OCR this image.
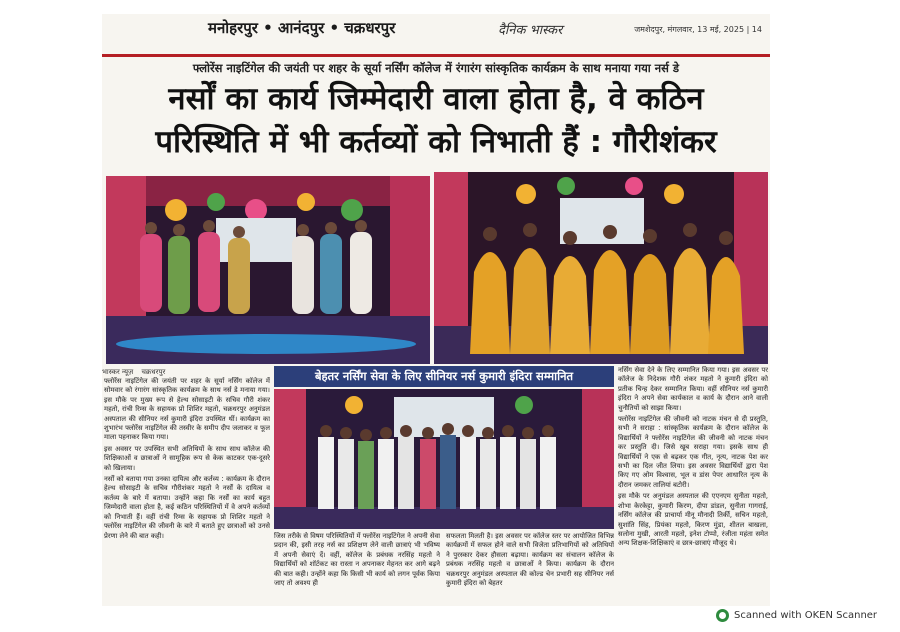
मनोहरपुर • आनंदपुर • चक्रधरपुर	दैनिक भास्कर	जमशेदपुर, मंगलवार, 13 मई, 2025 | 14
फ्लोरेंस नाइटिंगेल की जयंती पर शहर के सूर्या नर्सिंग कॉलेज में रंगारंग सांस्कृतिक कार्यक्रम के साथ मनाया गया नर्स डे
नर्सों का कार्य जिम्मेदारी वाला होता है, वे कठिन
परिस्थिति में भी कर्तव्यों को निभाती हैं : गौरीशंकर
भास्कर न्यूज़ चक्रधरपुर	बेहतर नर्सिंग सेवा के लिए सीनियर नर्स कुमारी इंदिरा सम्मानित

फ्लोरेंस नाइटिंगेल की जयंती पर शहर के सूर्या नर्सिंग कॉलेज में सोमवार को रंगारंग सांस्कृतिक कार्यक्रम के साथ नर्स डे मनाया गया। इस मौके पर मुख्य रूप से हेल्थ सोसाइटी के सचिव गौरी शंकर महतो, रांची रिम्स के सहायक प्रो शिशिर महतो, चक्रधरपुर अनुमंडल अस्पताल की सीनियर नर्स कुमारी इंदिरा उपस्थित थीं। कार्यक्रम का शुभारंभ फ्लोरेंस नाइटिंगेल की तस्वीर के समीप दीप जलाकर व फूल माला पहनाकर किया गया।

इस अवसर पर उपस्थित सभी अतिथियों के साथ साथ कॉलेज की शिक्षिकाओं व छात्राओं ने सामूहिक रूप से केक काटकर एक-दूसरे को खिलाया।

नर्सों को बताया गया उनका दायित्व और कर्तव्य : कार्यक्रम के दौरान हेल्थ सोसाइटी के सचिव गौरीशंकर महतो ने नर्सों के दायित्व व कर्तव्य के बारे में बताया। उन्होंने कहा कि नर्सों का कार्य बहुत जिम्मेदारी वाला होता है, कई कठिन परिस्थितियों में वे अपने कर्तव्यों को निभाती हैं। वहीं रांची रिम्स के सहायक प्रो शिशिर महतो ने फ्लोरेंस नाइटिंगेल की जीवनी के बारे में बताते हुए छात्राओं को उनसे प्रेरणा लेने की बात कही।	जिस तरीके से विषम परिस्थितियों में फ्लोरेंस नाइटिंगेल ने अपनी सेवा प्रदान की, इसी तरह नर्स का प्रशिक्षण लेने वाली छात्राएं भी भविष्य में अपनी सेवाएं दें। वहीं, कॉलेज के प्रबंधक नरसिंह महतो ने विद्यार्थियों को शॉर्टकट का रास्ता न अपनाकर मेहनत कर आगे बढ़ने की बात कही। उन्होंने कहा कि किसी भी कार्य को लगन पूर्वक किया जाए तो अवश्य ही

सफलता मिलती है। इस अवसर पर कॉलेज स्तर पर आयोजित विभिन्न कार्यक्रमों में सफल होने वाले सभी विजेता प्रतिभागियों को अतिथियों ने पुरस्कार देकर हौसला बढ़ाया। कार्यक्रम का संचालन कॉलेज के प्रबंधक नरसिंह महतो व छात्राओं ने किया। कार्यक्रम के दौरान चक्रधरपुर अनुमंडल अस्पताल की कोल्ड चेन प्रभारी सह सीनियर नर्स कुमारी इंदिरा को बेहतर

नर्सिंग सेवा देने के लिए सम्मानित किया गया। इस अवसर पर कॉलेज के निदेशक गौरी शंकर महतो ने कुमारी इंदिरा को प्रतीक चिन्ह देकर सम्मानित किया। वहीं सीनियर नर्स कुमारी इंदिरा ने अपने सेवा कार्यकाल व कार्य के दौरान आने वाली चुनौतियों को साझा किया।

फ्लोरेंस नाइटिंगेल की जीवनी को नाटक मंचन से दी प्रस्तुति, सभी ने सराहा : सांस्कृतिक कार्यक्रम के दौरान कॉलेज के विद्यार्थियों ने फ्लोरेंस नाइटिंगेल की जीवनी को नाटक मंचन कर प्रस्तुति दी। जिसे खूब सराहा गया। इसके साथ ही विद्यार्थियों ने एक से बढ़कर एक गीत, नृत्य, नाटक पेश कर सभी का दिल जीत लिया। इस अवसर विद्यार्थियों द्वारा पेश किए गए ओम विश्वास, भूल व डांस पेपर आधारित नृत्य के दौरान जमकर तालियां बटोरी।

इस मौके पर अनुमंडल अस्पताल की एएनएम सुनीता महतो, शोभा केरकेट्टा, कुमारी किरण, दीपा डांडल, सुनीता गागराई, नर्सिंग कॉलेज की प्राचार्या मीनू मौनादी तिर्की, सचिन महतो, सुशांति सिंह, प्रियंका महतो, किरण मुंडा, शीतल बाखला, सलोना मुखी, आरती महतो, इनेश टोप्पो, रंजीता महंता समेत अन्य शिक्षक-शिक्षिकाएं व छात्र-छात्राएं मौजूद थे।

Scanned with OKEN Scanner
